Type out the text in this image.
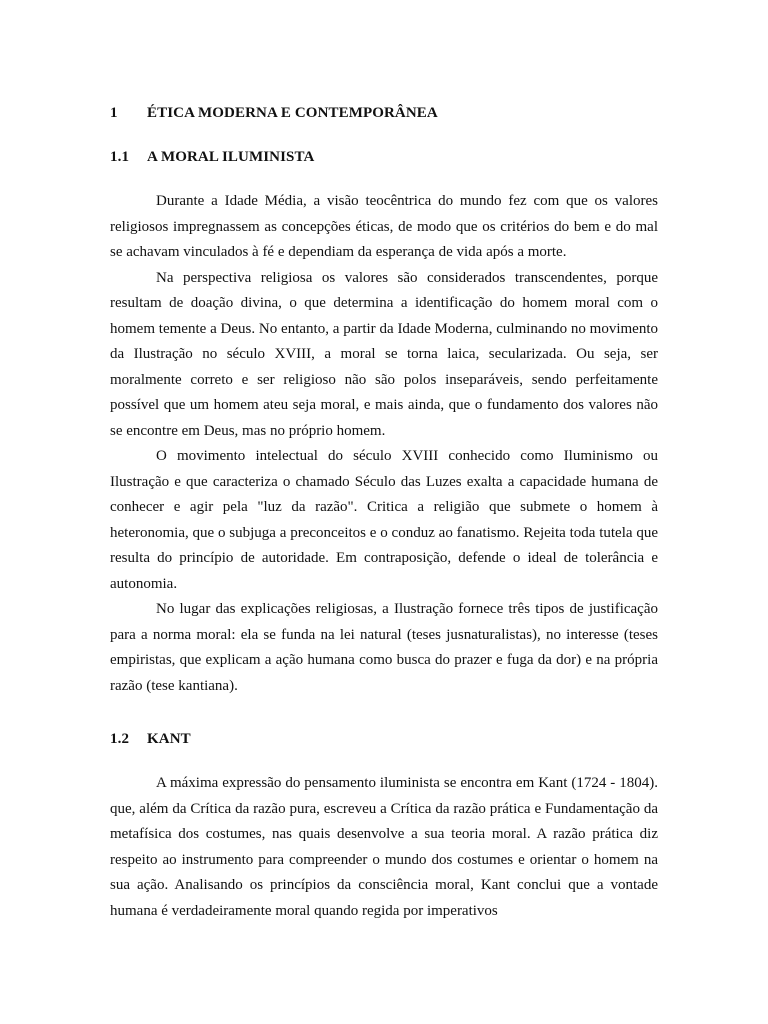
1	ÉTICA MODERNA E CONTEMPORÂNEA
1.1	A MORAL ILUMINISTA

Durante a Idade Média, a visão teocêntrica do mundo fez com que os valores religiosos impregnassem as concepções éticas, de modo que os critérios do bem e do mal se achavam vinculados à fé e dependiam da esperança de vida após a morte.

Na perspectiva religiosa os valores são considerados transcendentes, porque resultam de doação divina, o que determina a identificação do homem moral com o homem temente a Deus. No entanto, a partir da Idade Moderna, culminando no movimento da Ilustração no século XVIII, a moral se torna laica, secularizada. Ou seja, ser moralmente correto e ser religioso não são polos inseparáveis, sendo perfeitamente possível que um homem ateu seja moral, e mais ainda, que o fundamento dos valores não se encontre em Deus, mas no próprio homem.

O movimento intelectual do século XVIII conhecido como Iluminismo ou Ilustração e que caracteriza o chamado Século das Luzes exalta a capacidade humana de conhecer e agir pela "luz da razão". Critica a religião que submete o homem à heteronomia, que o subjuga a preconceitos e o conduz ao fanatismo. Rejeita toda tutela que resulta do princípio de autoridade. Em contraposição, defende o ideal de tolerância e autonomia.

No lugar das explicações religiosas, a Ilustração fornece três tipos de justificação para a norma moral: ela se funda na lei natural (teses jusnaturalistas), no interesse (teses empiristas, que explicam a ação humana como busca do prazer e fuga da dor) e na própria razão (tese kantiana).

1.2	KANT

A máxima expressão do pensamento iluminista se encontra em Kant (1724 - 1804). que, além da Crítica da razão pura, escreveu a Crítica da razão prática e Fundamentação da metafísica dos costumes, nas quais desenvolve a sua teoria moral. A razão prática diz respeito ao instrumento para compreender o mundo dos costumes e orientar o homem na sua ação. Analisando os princípios da consciência moral, Kant conclui que a vontade humana é verdadeiramente moral quando regida por imperativos
